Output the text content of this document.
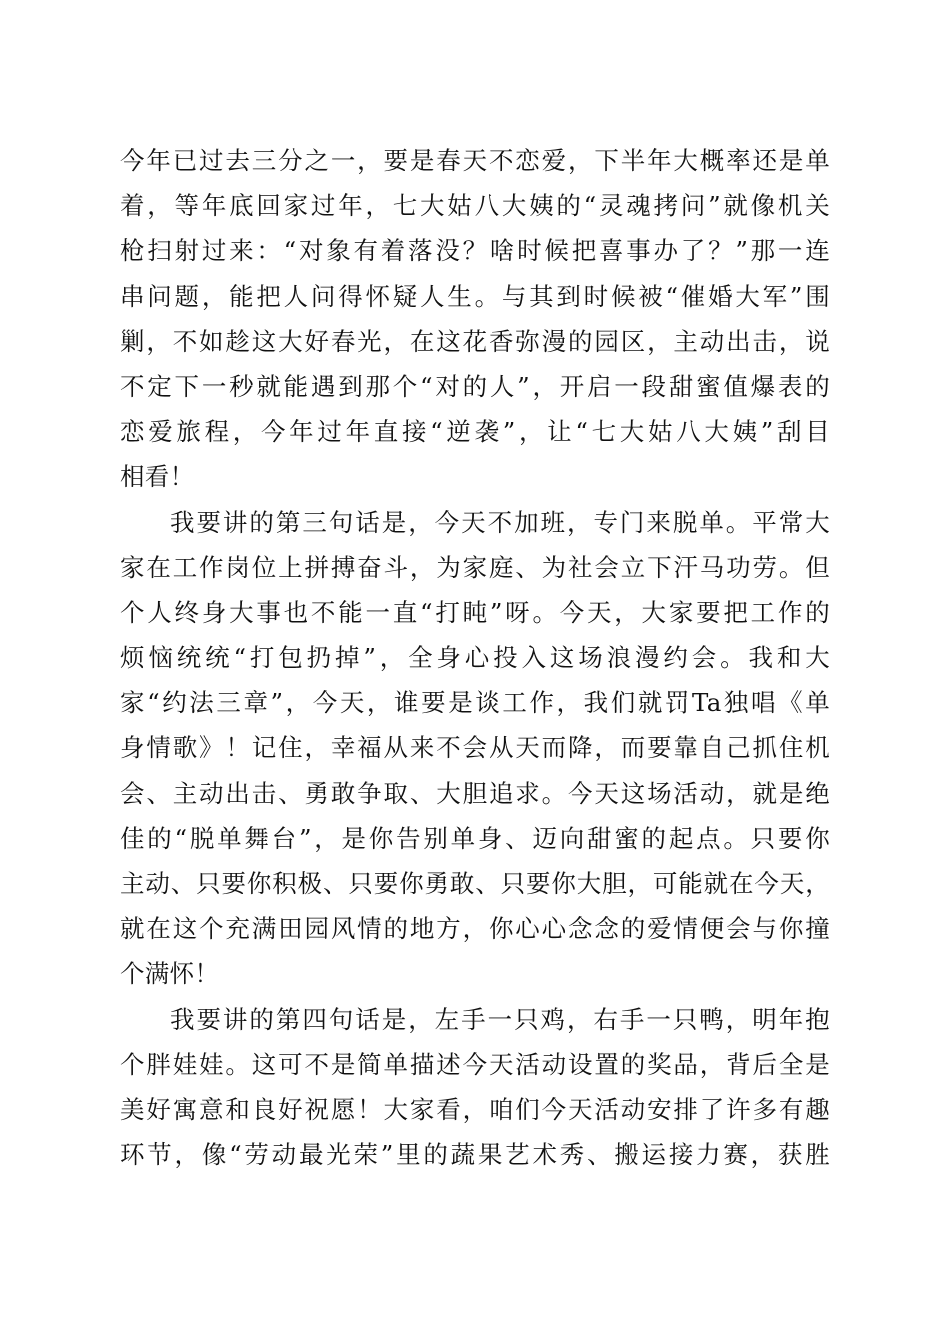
今年已过去三分之一，要是春天不恋爱，下半年大概率还是单
着，等年底回家过年，七大姑八大姨的“灵魂拷问”就像机关
枪扫射过来：“对象有着落没？啥时候把喜事办了？”那一连
串问题，能把人问得怀疑人生。与其到时候被“催婚大军”围
剿，不如趁这大好春光，在这花香弥漫的园区，主动出击，说
不定下一秒就能遇到那个“对的人”，开启一段甜蜜值爆表的
恋爱旅程，今年过年直接“逆袭”，让“七大姑八大姨”刮目
相看！
我要讲的第三句话是，今天不加班，专门来脱单。平常大
家在工作岗位上拼搏奋斗，为家庭、为社会立下汗马功劳。但
个人终身大事也不能一直“打盹”呀。今天，大家要把工作的
烦恼统统“打包扔掉”，全身心投入这场浪漫约会。我和大
家“约法三章”，今天，谁要是谈工作，我们就罚Ta独唱《单
身情歌》！记住，幸福从来不会从天而降，而要靠自己抓住机
会、主动出击、勇敢争取、大胆追求。今天这场活动，就是绝
佳的“脱单舞台”，是你告别单身、迈向甜蜜的起点。只要你
主动、只要你积极、只要你勇敢、只要你大胆，可能就在今天，
就在这个充满田园风情的地方，你心心念念的爱情便会与你撞
个满怀！
我要讲的第四句话是，左手一只鸡，右手一只鸭，明年抱
个胖娃娃。这可不是简单描述今天活动设置的奖品，背后全是
美好寓意和良好祝愿！大家看，咱们今天活动安排了许多有趣
环节，像“劳动最光荣”里的蔬果艺术秀、搬运接力赛，获胜
